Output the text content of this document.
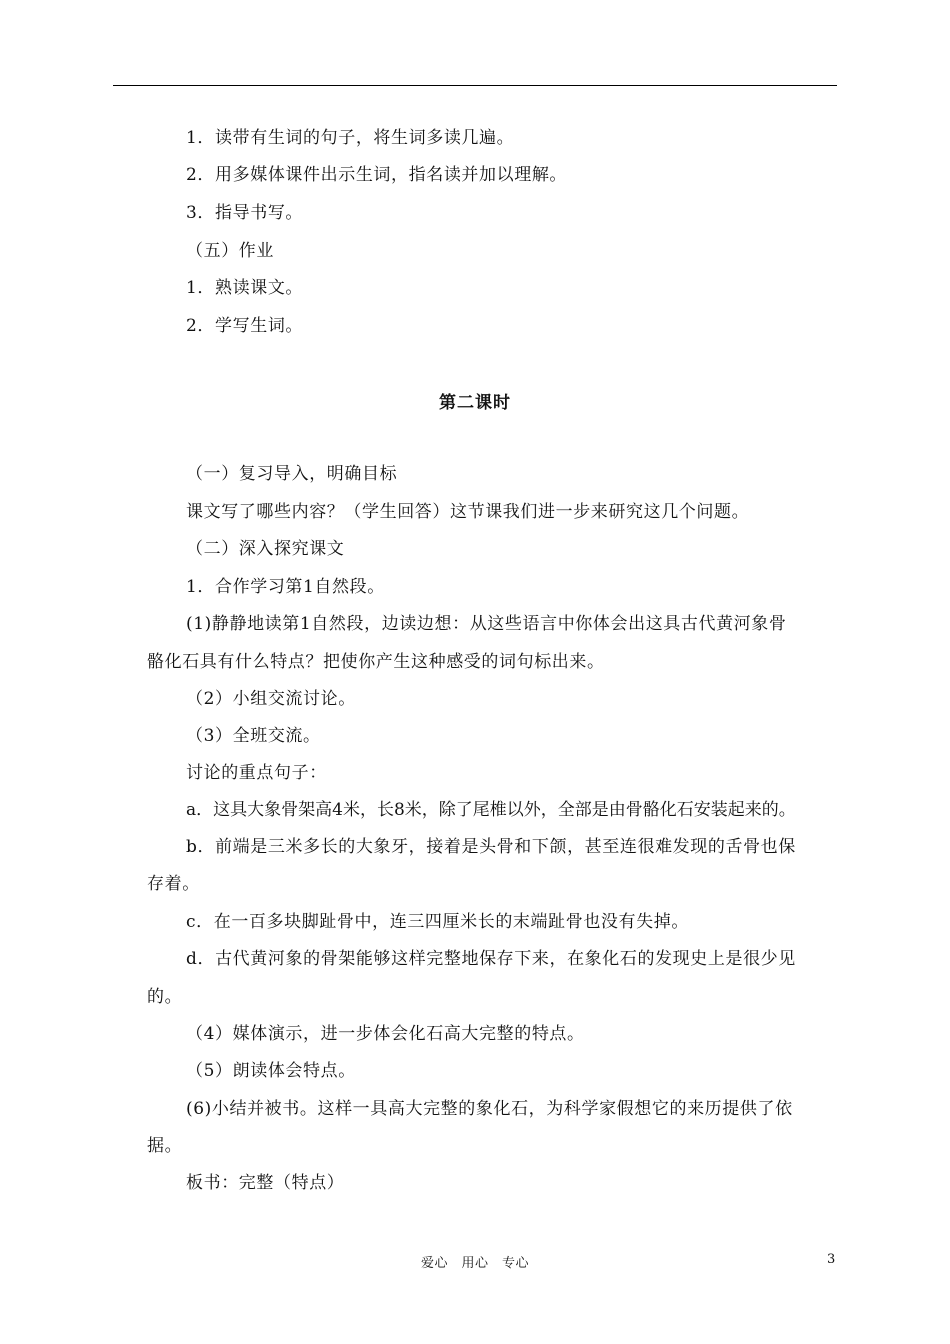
1．读带有生词的句子，将生词多读几遍。
2．用多媒体课件出示生词，指名读并加以理解。
3．指导书写。
（五）作业
1．熟读课文。
2．学写生词。
第二课时
（一）复习导入，明确目标
课文写了哪些内容？（学生回答）这节课我们进一步来研究这几个问题。
（二）深入探究课文
1．合作学习第1自然段。
(1)静静地读第1自然段，边读边想：从这些语言中你体会出这具古代黄河象骨
骼化石具有什么特点？把使你产生这种感受的词句标出来。
（2）小组交流讨论。
（3）全班交流。
讨论的重点句子：
a．这具大象骨架高4米，长8米，除了尾椎以外，全部是由骨骼化石安装起来的。
b．前端是三米多长的大象牙，接着是头骨和下颌，甚至连很难发现的舌骨也保
存着。
c．在一百多块脚趾骨中，连三四厘米长的末端趾骨也没有失掉。
d．古代黄河象的骨架能够这样完整地保存下来，在象化石的发现史上是很少见
的。
（4）媒体演示，进一步体会化石高大完整的特点。
（5）朗读体会特点。
(6)小结并被书。这样一具高大完整的象化石，为科学家假想它的来历提供了依
据。
板书：完整（特点）
爱心　用心　专心	3
